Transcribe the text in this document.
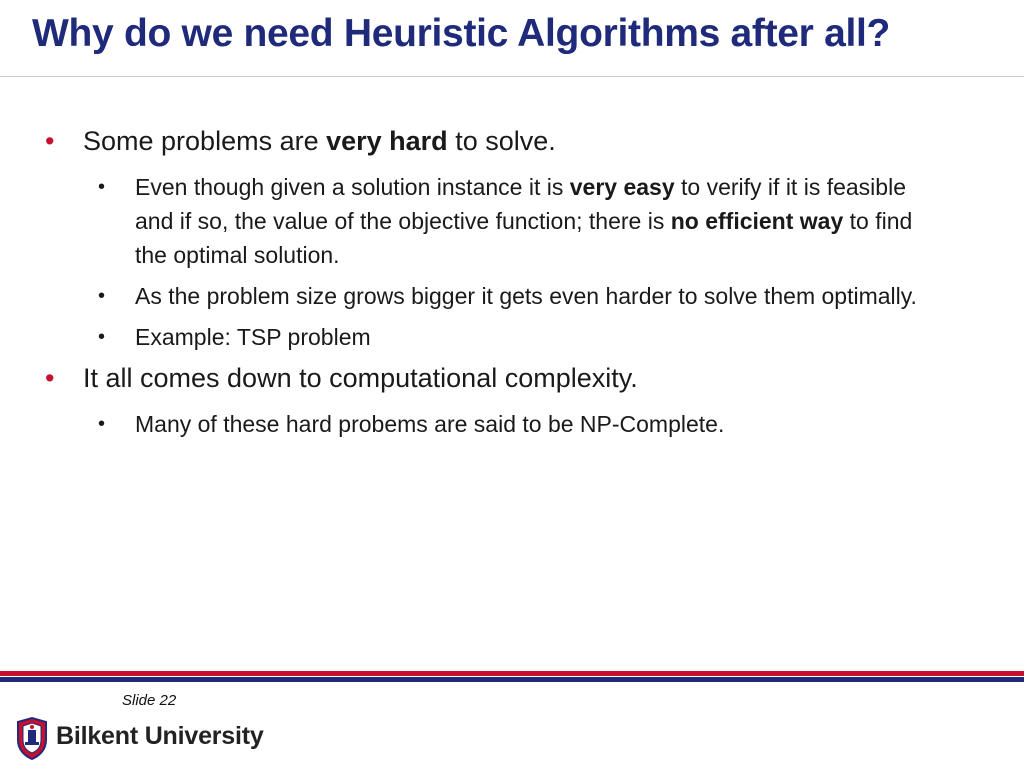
Why do we need Heuristic Algorithms after all?
• Some problems are very hard to solve.
• Even though given a solution instance it is very easy to verify if it is feasible and if so, the value of the objective function; there is no efficient way to find the optimal solution.
• As the problem size grows bigger it gets even harder to solve them optimally.
• Example: TSP problem
• It all comes down to computational complexity.
• Many of these hard probems are said to be NP-Complete.
Slide 22
Bilkent University
